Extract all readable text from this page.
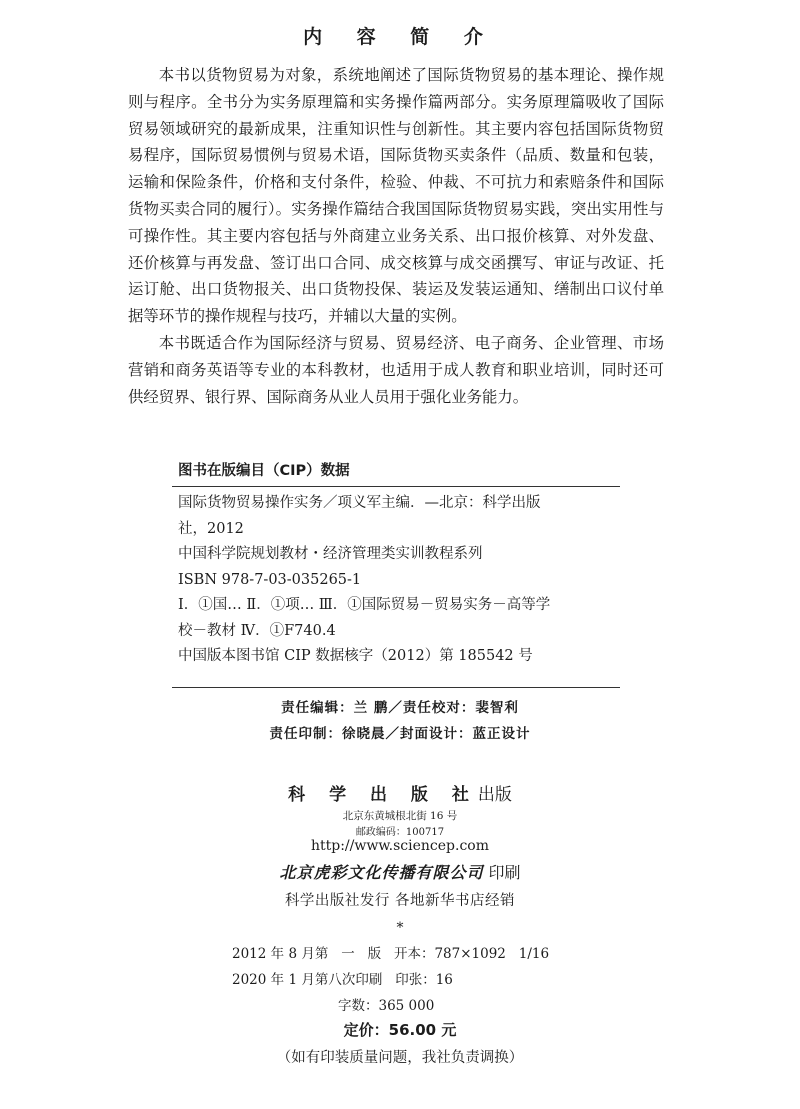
内 容 简 介

本书以货物贸易为对象，系统地阐述了国际货物贸易的基本理论、操作规则与程序。全书分为实务原理篇和实务操作篇两部分。实务原理篇吸收了国际贸易领域研究的最新成果，注重知识性与创新性。其主要内容包括国际货物贸易程序，国际贸易惯例与贸易术语，国际货物买卖条件（品质、数量和包装，运输和保险条件，价格和支付条件，检验、仲裁、不可抗力和索赔条件和国际货物买卖合同的履行）。实务操作篇结合我国国际货物贸易实践，突出实用性与可操作性。其主要内容包括与外商建立业务关系、出口报价核算、对外发盘、还价核算与再发盘、签订出口合同、成交核算与成交函撰写、审证与改证、托运订舱、出口货物报关、出口货物投保、装运及发装运通知、缮制出口议付单据等环节的操作规程与技巧，并辅以大量的实例。

本书既适合作为国际经济与贸易、贸易经济、电子商务、企业管理、市场营销和商务英语等专业的本科教材，也适用于成人教育和职业培训，同时还可供经贸界、银行界、国际商务从业人员用于强化业务能力。

图书在版编目（CIP）数据
国际货物贸易操作实务／项义军主编．—北京：科学出版
社，2012
中国科学院规划教材・经济管理类实训教程系列
ISBN 978-7-03-035265-1
Ⅰ．①国… Ⅱ．①项… Ⅲ．①国际贸易－贸易实务－高等学
校－教材 Ⅳ．①F740.4
中国版本图书馆 CIP 数据核字（2012）第 185542 号
责任编辑：兰 鹏／责任校对：裴智利
责任印制：徐晓晨／封面设计：蓝正设计
科 学 出 版 社出版
北京东黄城根北街 16 号
邮政编码：100717
http://www.sciencep.com
北京虎彩文化传播有限公司 印刷
科学出版社发行 各地新华书店经销
*
2012 年 8 月第   一   版   开本：787×1092   1/16
2020 年 1 月第八次印刷   印张：16
字数：365 000
定价：56.00 元
（如有印装质量问题，我社负责调换）
